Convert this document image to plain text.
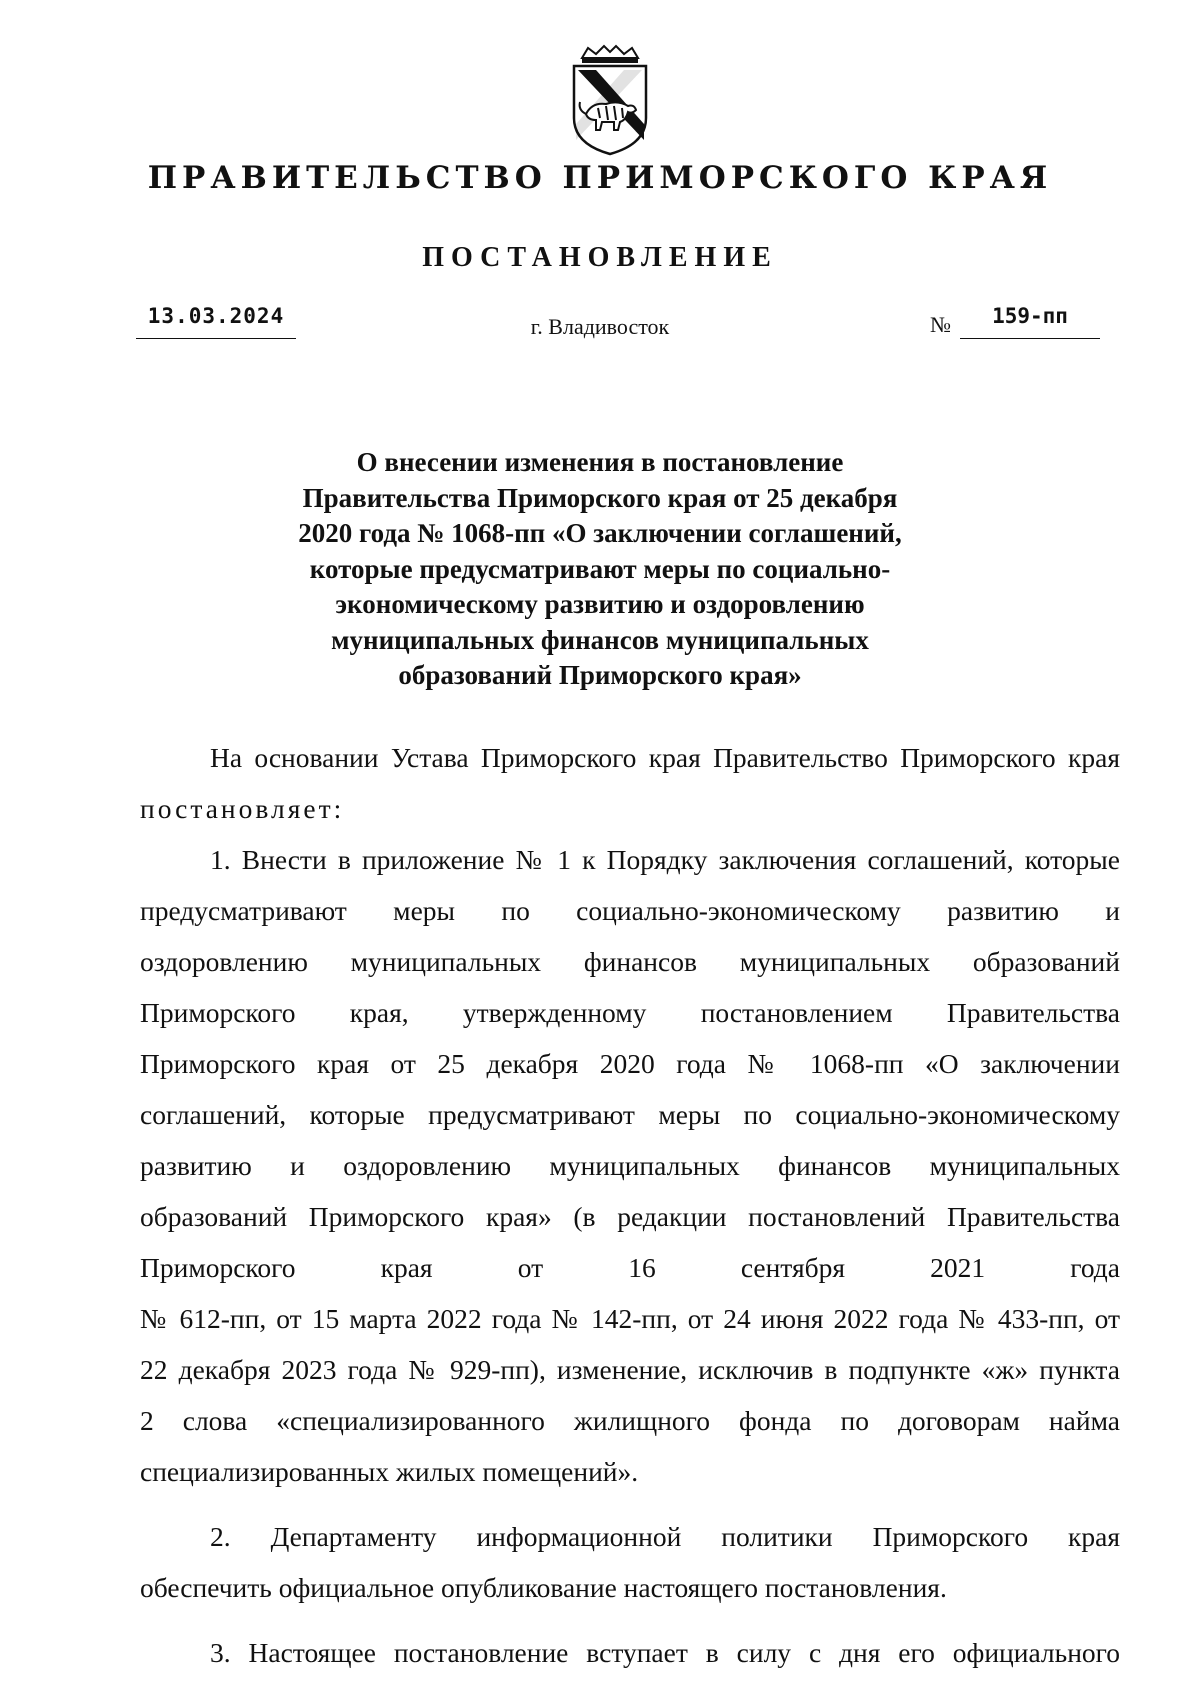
ПРАВИТЕЛЬСТВО ПРИМОРСКОГО КРАЯ
ПОСТАНОВЛЕНИЕ
13.03.2024	г. Владивосток	№	159-пп
О внесении изменения в постановление
Правительства Приморского края от 25 декабря
2020 года № 1068-пп «О заключении соглашений,
которые предусматривают меры по социально-
экономическому развитию и оздоровлению
муниципальных финансов муниципальных
образований Приморского края»

На основании Устава Приморского края Правительство Приморского края постановляет:

1. Внести в приложение № 1 к Порядку заключения соглашений, которые
предусматривают меры по социально-экономическому развитию и
оздоровлению муниципальных финансов муниципальных образований
Приморского края, утвержденному постановлением Правительства
Приморского края от 25 декабря 2020 года № 1068-пп «О заключении
соглашений, которые предусматривают меры по социально-экономическому
развитию и оздоровлению муниципальных финансов муниципальных
образований Приморского края» (в редакции постановлений Правительства
Приморского края от 16 сентября 2021 года
№ 612-пп, от 15 марта 2022 года № 142-пп, от 24 июня 2022 года № 433-пп, от
22 декабря 2023 года № 929-пп), изменение, исключив в подпункте «ж» пункта
2 слова «специализированного жилищного фонда по договорам найма
специализированных жилых помещений».
2. Департаменту информационной политики Приморского края
обеспечить официальное опубликование настоящего постановления.
3. Настоящее постановление вступает в силу с дня его официального
